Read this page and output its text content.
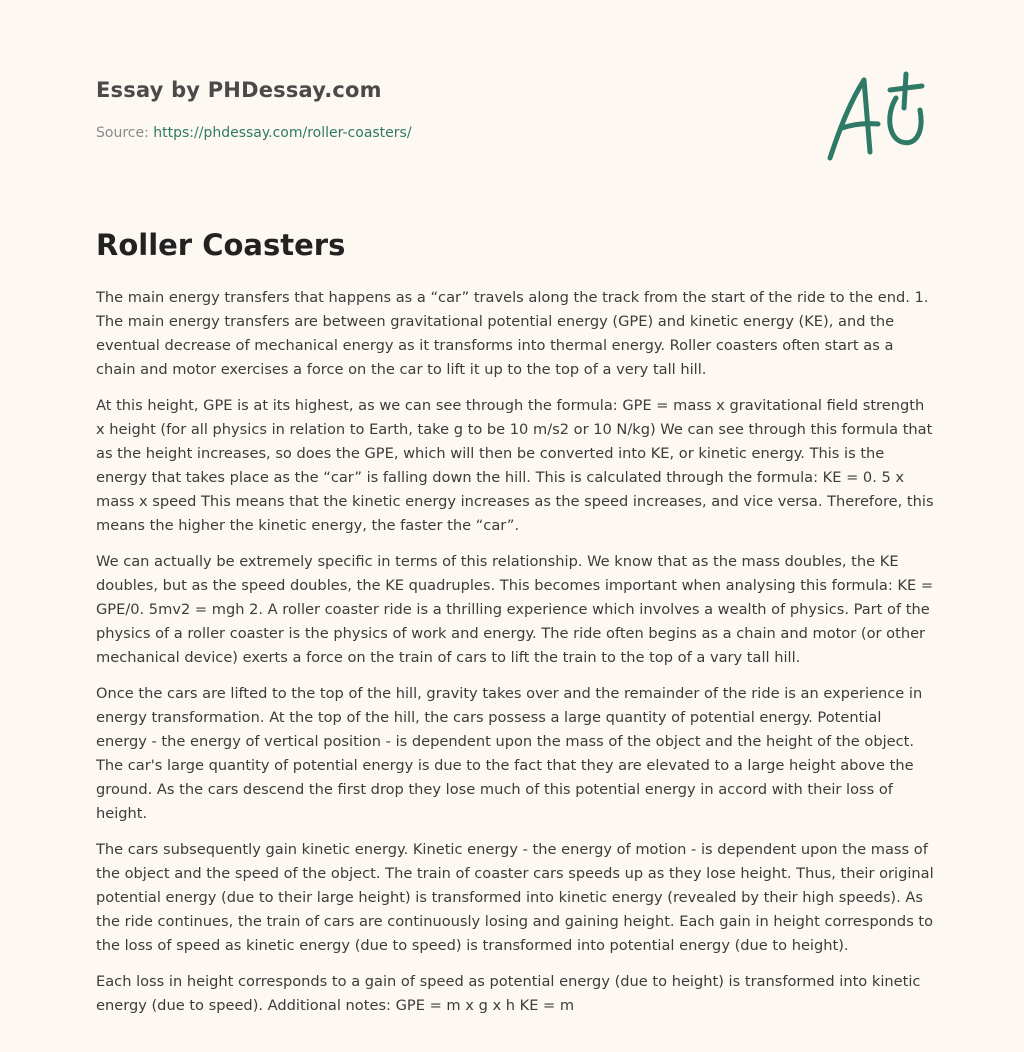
Essay by PHDessay.com
Source: https://phdessay.com/roller-coasters/
Roller Coasters

The main energy transfers that happens as a “car” travels along the track from the start of the ride to the end. 1. The main energy transfers are between gravitational potential energy (GPE) and kinetic energy (KE), and the eventual decrease of mechanical energy as it transforms into thermal energy. Roller coasters often start as a chain and motor exercises a force on the car to lift it up to the top of a very tall hill.

At this height, GPE is at its highest, as we can see through the formula: GPE = mass x gravitational field strength x height (for all physics in relation to Earth, take g to be 10 m/s2 or 10 N/kg) We can see through this formula that as the height increases, so does the GPE, which will then be converted into KE, or kinetic energy. This is the energy that takes place as the “car” is falling down the hill. This is calculated through the formula: KE = 0. 5 x mass x speed This means that the kinetic energy increases as the speed increases, and vice versa. Therefore, this means the higher the kinetic energy, the faster the “car”.

We can actually be extremely specific in terms of this relationship. We know that as the mass doubles, the KE doubles, but as the speed doubles, the KE quadruples. This becomes important when analysing this formula: KE = GPE/0. 5mv2 = mgh 2. A roller coaster ride is a thrilling experience which involves a wealth of physics. Part of the physics of a roller coaster is the physics of work and energy. The ride often begins as a chain and motor (or other mechanical device) exerts a force on the train of cars to lift the train to the top of a vary tall hill.

Once the cars are lifted to the top of the hill, gravity takes over and the remainder of the ride is an experience in energy transformation. At the top of the hill, the cars possess a large quantity of potential energy. Potential energy - the energy of vertical position - is dependent upon the mass of the object and the height of the object. The car's large quantity of potential energy is due to the fact that they are elevated to a large height above the ground. As the cars descend the first drop they lose much of this potential energy in accord with their loss of height.

The cars subsequently gain kinetic energy. Kinetic energy - the energy of motion - is dependent upon the mass of the object and the speed of the object. The train of coaster cars speeds up as they lose height. Thus, their original potential energy (due to their large height) is transformed into kinetic energy (revealed by their high speeds). As the ride continues, the train of cars are continuously losing and gaining height. Each gain in height corresponds to the loss of speed as kinetic energy (due to speed) is transformed into potential energy (due to height).

Each loss in height corresponds to a gain of speed as potential energy (due to height) is transformed into kinetic energy (due to speed). Additional notes: GPE = m x g x h KE = m
